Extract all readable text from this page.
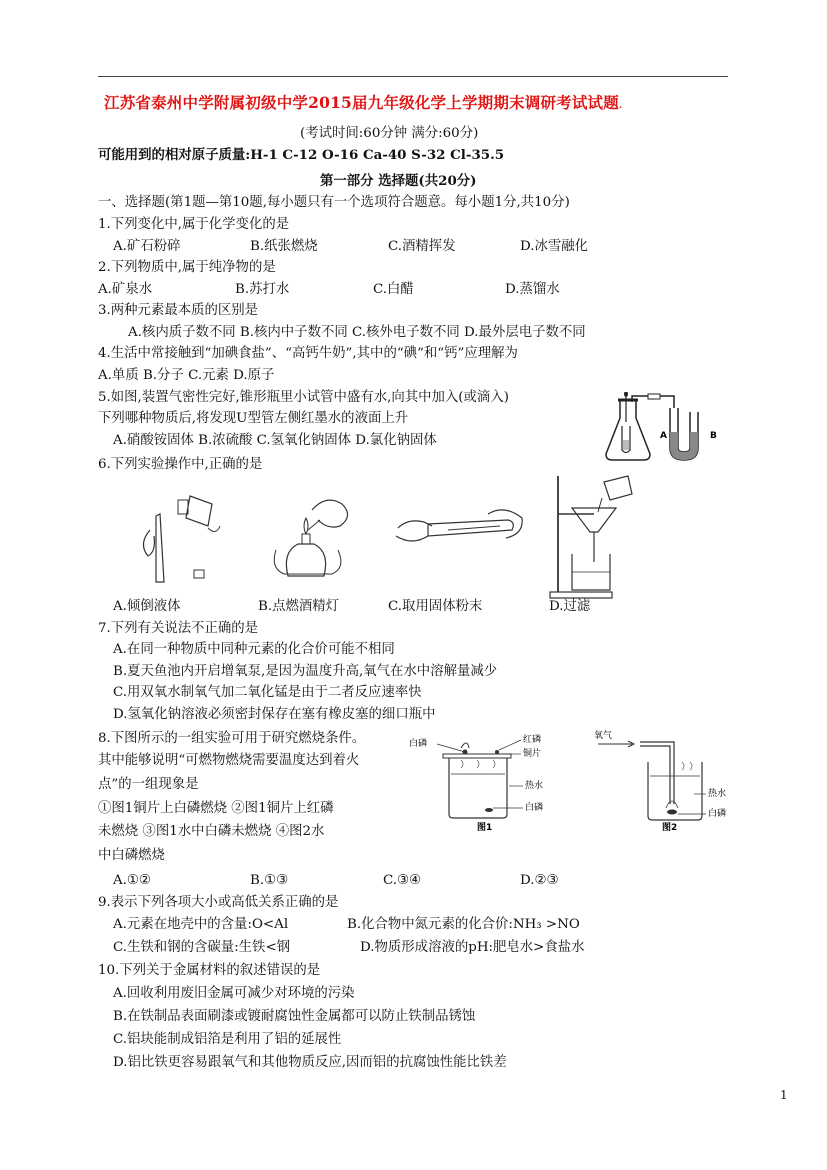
江苏省泰州中学附属初级中学2015届九年级化学上学期期末调研考试试题.
(考试时间:60分钟 满分:60分)
可能用到的相对原子质量:H-1 C-12 O-16 Ca-40 S-32 Cl-35.5
第一部分 选择题(共20分)
一、选择题(第1题—第10题,每小题只有一个选项符合题意。每小题1分,共10分)
1.下列变化中,属于化学变化的是
A.矿石粉碎	B.纸张燃烧	C.酒精挥发	D.冰雪融化
2.下列物质中,属于纯净物的是
A.矿泉水	B.苏打水	C.白醋	D.蒸馏水
3.两种元素最本质的区别是
A.核内质子数不同 B.核内中子数不同 C.核外电子数不同 D.最外层电子数不同
4.生活中常接触到“加碘食盐”、“高钙牛奶”,其中的“碘”和“钙”应理解为
A.单质 B.分子 C.元素 D.原子
5.如图,装置气密性完好,锥形瓶里小试管中盛有水,向其中加入(或滴入)
下列哪种物质后,将发现U型管左侧红墨水的液面上升
A.硝酸铵固体 B.浓硫酸 C.氢氧化钠固体 D.氯化钠固体	A	B
6.下列实验操作中,正确的是
A.倾倒液体	B.点燃酒精灯	C.取用固体粉末	D.过滤
7.下列有关说法不正确的是
A.在同一种物质中同种元素的化合价可能不相同
B.夏天鱼池内开启增氧泵,是因为温度升高,氧气在水中溶解量减少
C.用双氧水制氧气加二氧化锰是由于二者反应速率快
D.氢氧化钠溶液必须密封保存在塞有橡皮塞的细口瓶中
8.下图所示的一组实验可用于研究燃烧条件。
其中能够说明“可燃物燃烧需要温度达到着火
点”的一组现象是
①图1铜片上白磷燃烧 ②图1铜片上红磷
未燃烧 ③图1水中白磷未燃烧 ④图2水
中白磷燃烧
A.①②	B.①③	C.③④	D.②③
白磷	红磷
铜片
热水
白磷
图1
氧气
热水
白磷
图2
9.表示下列各项大小或高低关系正确的是
A.元素在地壳中的含量:O<Al	B.化合物中氮元素的化合价:NH₃ >NO
C.生铁和钢的含碳量:生铁<钢	D.物质形成溶液的pH:肥皂水>食盐水
10.下列关于金属材料的叙述错误的是
A.回收利用废旧金属可减少对环境的污染
B.在铁制品表面刷漆或镀耐腐蚀性金属都可以防止铁制品锈蚀
C.铝块能制成铝箔是利用了铝的延展性
D.铝比铁更容易跟氧气和其他物质反应,因而铝的抗腐蚀性能比铁差
1
